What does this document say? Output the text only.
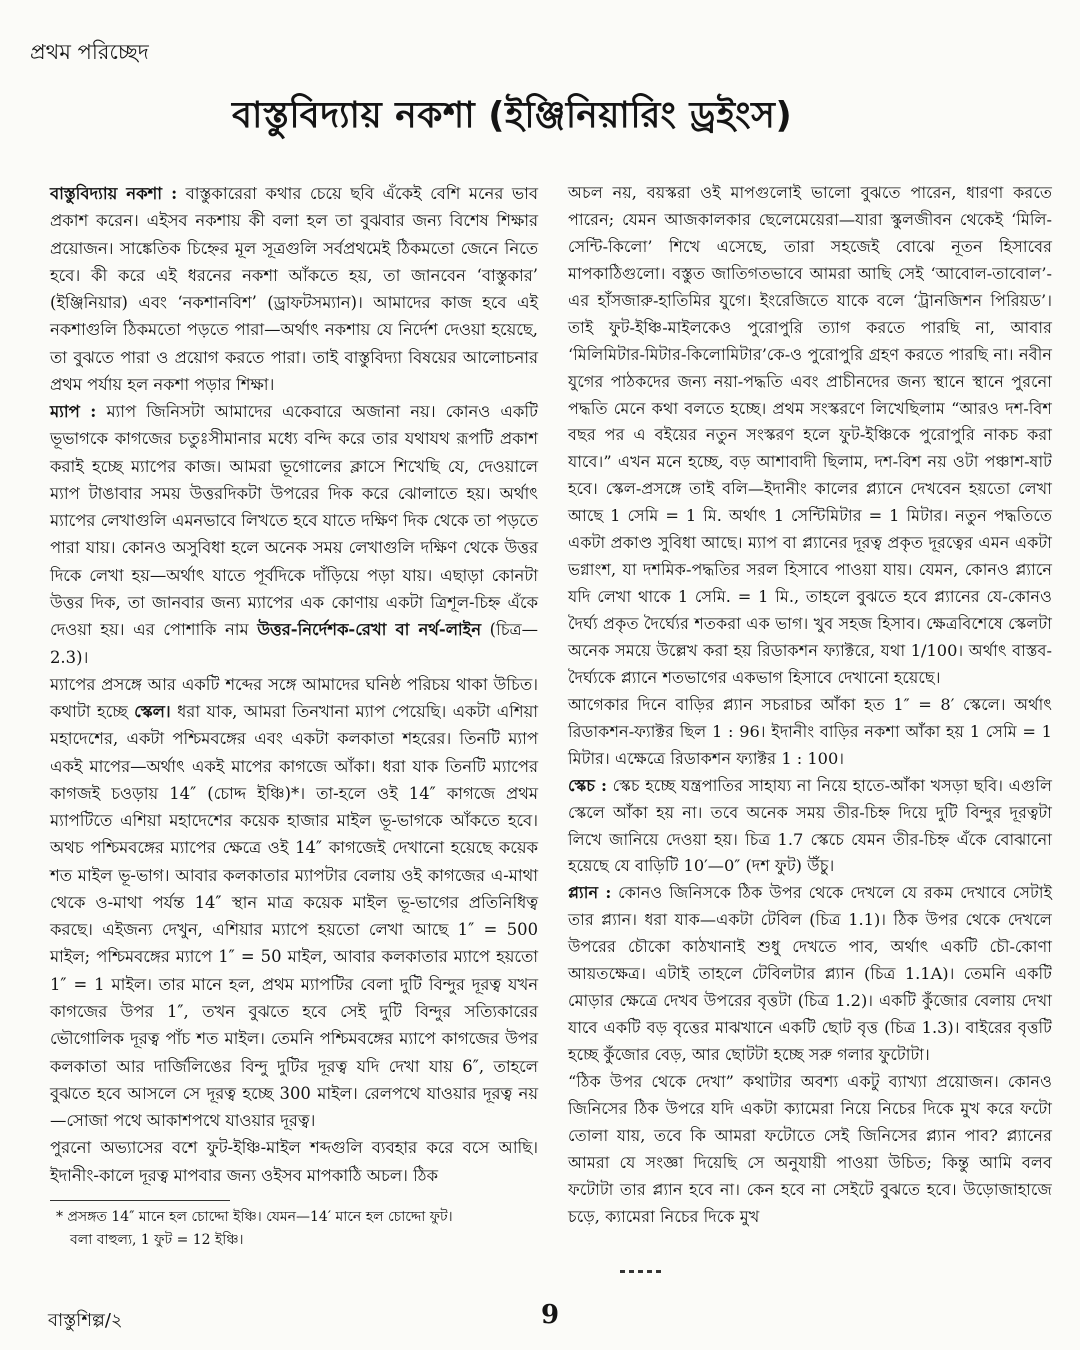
প্রথম পরিচ্ছেদ
বাস্তুবিদ্যায় নকশা (ইঞ্জিনিয়ারিং ড্রইংস)

বাস্তুবিদ্যায় নকশা : বাস্তুকারেরা কথার চেয়ে ছবি এঁকেই বেশি মনের ভাব প্রকাশ করেন। এইসব নকশায় কী বলা হল তা বুঝবার জন্য বিশেষ শিক্ষার প্রয়োজন। সাঙ্কেতিক চিহ্নের মূল সূত্রগুলি সর্বপ্রথমেই ঠিকমতো জেনে নিতে হবে। কী করে এই ধরনের নকশা আঁকতে হয়, তা জানবেন ‘বাস্তুকার’ (ইঞ্জিনিয়ার) এবং ‘নকশানবিশ’ (ড্রাফটসম্যান)। আমাদের কাজ হবে এই নকশাগুলি ঠিকমতো পড়তে পারা—অর্থাৎ নকশায় যে নির্দেশ দেওয়া হয়েছে, তা বুঝতে পারা ও প্রয়োগ করতে পারা। তাই বাস্তুবিদ্যা বিষয়ের আলোচনার প্রথম পর্যায় হল নকশা পড়ার শিক্ষা।

ম্যাপ : ম্যাপ জিনিসটা আমাদের একেবারে অজানা নয়। কোনও একটি ভূভাগকে কাগজের চতুঃসীমানার মধ্যে বন্দি করে তার যথাযথ রূপটি প্রকাশ করাই হচ্ছে ম্যাপের কাজ। আমরা ভূগোলের ক্লাসে শিখেছি যে, দেওয়ালে ম্যাপ টাঙাবার সময় উত্তরদিকটা উপরের দিক করে ঝোলাতে হয়। অর্থাৎ ম্যাপের লেখাগুলি এমনভাবে লিখতে হবে যাতে দক্ষিণ দিক থেকে তা পড়তে পারা যায়। কোনও অসুবিধা হলে অনেক সময় লেখাগুলি দক্ষিণ থেকে উত্তর দিকে লেখা হয়—অর্থাৎ যাতে পূর্বদিকে দাঁড়িয়ে পড়া যায়। এছাড়া কোনটা উত্তর দিক, তা জানবার জন্য ম্যাপের এক কোণায় একটা ত্রিশূল-চিহ্ন এঁকে দেওয়া হয়। এর পোশাকি নাম উত্তর-নির্দেশক-রেখা বা নর্থ-লাইন (চিত্র—2.3)।

ম্যাপের প্রসঙ্গে আর একটি শব্দের সঙ্গে আমাদের ঘনিষ্ঠ পরিচয় থাকা উচিত। কথাটা হচ্ছে স্কেল। ধরা যাক, আমরা তিনখানা ম্যাপ পেয়েছি। একটা এশিয়া মহাদেশের, একটা পশ্চিমবঙ্গের এবং একটা কলকাতা শহরের। তিনটি ম্যাপ একই মাপের—অর্থাৎ একই মাপের কাগজে আঁকা। ধরা যাক তিনটি ম্যাপের কাগজই চওড়ায় 14″ (চোদ্দ ইঞ্চি)*। তা-হলে ওই 14″ কাগজে প্রথম ম্যাপটিতে এশিয়া মহাদেশের কয়েক হাজার মাইল ভূ-ভাগকে আঁকতে হবে। অথচ পশ্চিমবঙ্গের ম্যাপের ক্ষেত্রে ওই 14″ কাগজেই দেখানো হয়েছে কয়েক শত মাইল ভূ-ভাগ। আবার কলকাতার ম্যাপটার বেলায় ওই কাগজের এ-মাথা থেকে ও-মাথা পর্যন্ত 14″ স্থান মাত্র কয়েক মাইল ভূ-ভাগের প্রতিনিধিত্ব করছে। এইজন্য দেখুন, এশিয়ার ম্যাপে হয়তো লেখা আছে 1″ = 500 মাইল; পশ্চিমবঙ্গের ম্যাপে 1″ = 50 মাইল, আবার কলকাতার ম্যাপে হয়তো 1″ = 1 মাইল। তার মানে হল, প্রথম ম্যাপটির বেলা দুটি বিন্দুর দূরত্ব যখন কাগজের উপর 1″, তখন বুঝতে হবে সেই দুটি বিন্দুর সত্যিকারের ভৌগোলিক দূরত্ব পাঁচ শত মাইল। তেমনি পশ্চিমবঙ্গের ম্যাপে কাগজের উপর কলকাতা আর দার্জিলিঙের বিন্দু দুটির দূরত্ব যদি দেখা যায় 6″, তাহলে বুঝতে হবে আসলে সে দূরত্ব হচ্ছে 300 মাইল। রেলপথে যাওয়ার দূরত্ব নয়—সোজা পথে আকাশপথে যাওয়ার দূরত্ব।

পুরনো অভ্যাসের বশে ফুট-ইঞ্চি-মাইল শব্দগুলি ব্যবহার করে বসে আছি। ইদানীং-কালে দূরত্ব মাপবার জন্য ওইসব মাপকাঠি অচল। ঠিক

* প্রসঙ্গত 14″ মানে হল চোদ্দো ইঞ্চি। যেমন—14′ মানে হল চোদ্দো ফুট।
বলা বাহুল্য, 1 ফুট = 12 ইঞ্চি।

অচল নয়, বয়স্করা ওই মাপগুলোই ভালো বুঝতে পারেন, ধারণা করতে পারেন; যেমন আজকালকার ছেলেমেয়েরা—যারা স্কুলজীবন থেকেই ‘মিলি-সেন্টি-কিলো’ শিখে এসেছে, তারা সহজেই বোঝে নূতন হিসাবের মাপকাঠিগুলো। বস্তুত জাতিগতভাবে আমরা আছি সেই ‘আবোল-তাবোল’-এর হাঁসজারু-হাতিমির যুগে। ইংরেজিতে যাকে বলে ‘ট্রানজিশন পিরিয়ড’। তাই ফুট-ইঞ্চি-মাইলকেও পুরোপুরি ত্যাগ করতে পারছি না, আবার ‘মিলিমিটার-মিটার-কিলোমিটার’কে-ও পুরোপুরি গ্রহণ করতে পারছি না। নবীন যুগের পাঠকদের জন্য নয়া-পদ্ধতি এবং প্রাচীনদের জন্য স্থানে স্থানে পুরনো পদ্ধতি মেনে কথা বলতে হচ্ছে। প্রথম সংস্করণে লিখেছিলাম “আরও দশ-বিশ বছর পর এ বইয়ের নতুন সংস্করণ হলে ফুট-ইঞ্চিকে পুরোপুরি নাকচ করা যাবে।” এখন মনে হচ্ছে, বড় আশাবাদী ছিলাম, দশ-বিশ নয় ওটা পঞ্চাশ-ষাট হবে। স্কেল-প্রসঙ্গে তাই বলি—ইদানীং কালের প্ল্যানে দেখবেন হয়তো লেখা আছে 1 সেমি = 1 মি. অর্থাৎ 1 সেন্টিমিটার = 1 মিটার। নতুন পদ্ধতিতে একটা প্রকাণ্ড সুবিধা আছে। ম্যাপ বা প্ল্যানের দূরত্ব প্রকৃত দূরত্বের এমন একটা ভগ্নাংশ, যা দশমিক-পদ্ধতির সরল হিসাবে পাওয়া যায়। যেমন, কোনও প্ল্যানে যদি লেখা থাকে 1 সেমি. = 1 মি., তাহলে বুঝতে হবে প্ল্যানের যে-কোনও দৈর্ঘ্য প্রকৃত দৈর্ঘ্যের শতকরা এক ভাগ। খুব সহজ হিসাব। ক্ষেত্রবিশেষে স্কেলটা অনেক সময়ে উল্লেখ করা হয় রিডাকশন ফ্যাক্টরে, যথা 1/100। অর্থাৎ বাস্তব-দৈর্ঘ্যকে প্ল্যানে শতভাগের একভাগ হিসাবে দেখানো হয়েছে।

আগেকার দিনে বাড়ির প্ল্যান সচরাচর আঁকা হত 1″ = 8′ স্কেলে। অর্থাৎ রিডাকশন-ফ্যাক্টর ছিল 1 : 96। ইদানীং বাড়ির নকশা আঁকা হয় 1 সেমি = 1 মিটার। এক্ষেত্রে রিডাকশন ফ্যাক্টর 1 : 100।

স্কেচ : স্কেচ হচ্ছে যন্ত্রপাতির সাহায্য না নিয়ে হাতে-আঁকা খসড়া ছবি। এগুলি স্কেলে আঁকা হয় না। তবে অনেক সময় তীর-চিহ্ন দিয়ে দুটি বিন্দুর দূরত্বটা লিখে জানিয়ে দেওয়া হয়। চিত্র 1.7 স্কেচে যেমন তীর-চিহ্ন এঁকে বোঝানো হয়েছে যে বাড়িটি 10′—0″ (দশ ফুট) উঁচু।

প্ল্যান : কোনও জিনিসকে ঠিক উপর থেকে দেখলে যে রকম দেখাবে সেটাই তার প্ল্যান। ধরা যাক—একটা টেবিল (চিত্র 1.1)। ঠিক উপর থেকে দেখলে উপরের চৌকো কাঠখানাই শুধু দেখতে পাব, অর্থাৎ একটি চৌ-কোণা আয়তক্ষেত্র। এটাই তাহলে টেবিলটার প্ল্যান (চিত্র 1.1A)। তেমনি একটি মোড়ার ক্ষেত্রে দেখব উপরের বৃত্তটা (চিত্র 1.2)। একটি কুঁজোর বেলায় দেখা যাবে একটি বড় বৃত্তের মাঝখানে একটি ছোট বৃত্ত (চিত্র 1.3)। বাইরের বৃত্তটি হচ্ছে কুঁজোর বেড়, আর ছোটটা হচ্ছে সরু গলার ফুটোটা।

“ঠিক উপর থেকে দেখা” কথাটার অবশ্য একটু ব্যাখ্যা প্রয়োজন। কোনও জিনিসের ঠিক উপরে যদি একটা ক্যামেরা নিয়ে নিচের দিকে মুখ করে ফটো তোলা যায়, তবে কি আমরা ফটোতে সেই জিনিসের প্ল্যান পাব? প্ল্যানের আমরা যে সংজ্ঞা দিয়েছি সে অনুযায়ী পাওয়া উচিত; কিন্তু আমি বলব ফটোটা তার প্ল্যান হবে না। কেন হবে না সেইটে বুঝতে হবে। উড়োজাহাজে চড়ে, ক্যামেরা নিচের দিকে মুখ

বাস্তুশিল্প/২	9
